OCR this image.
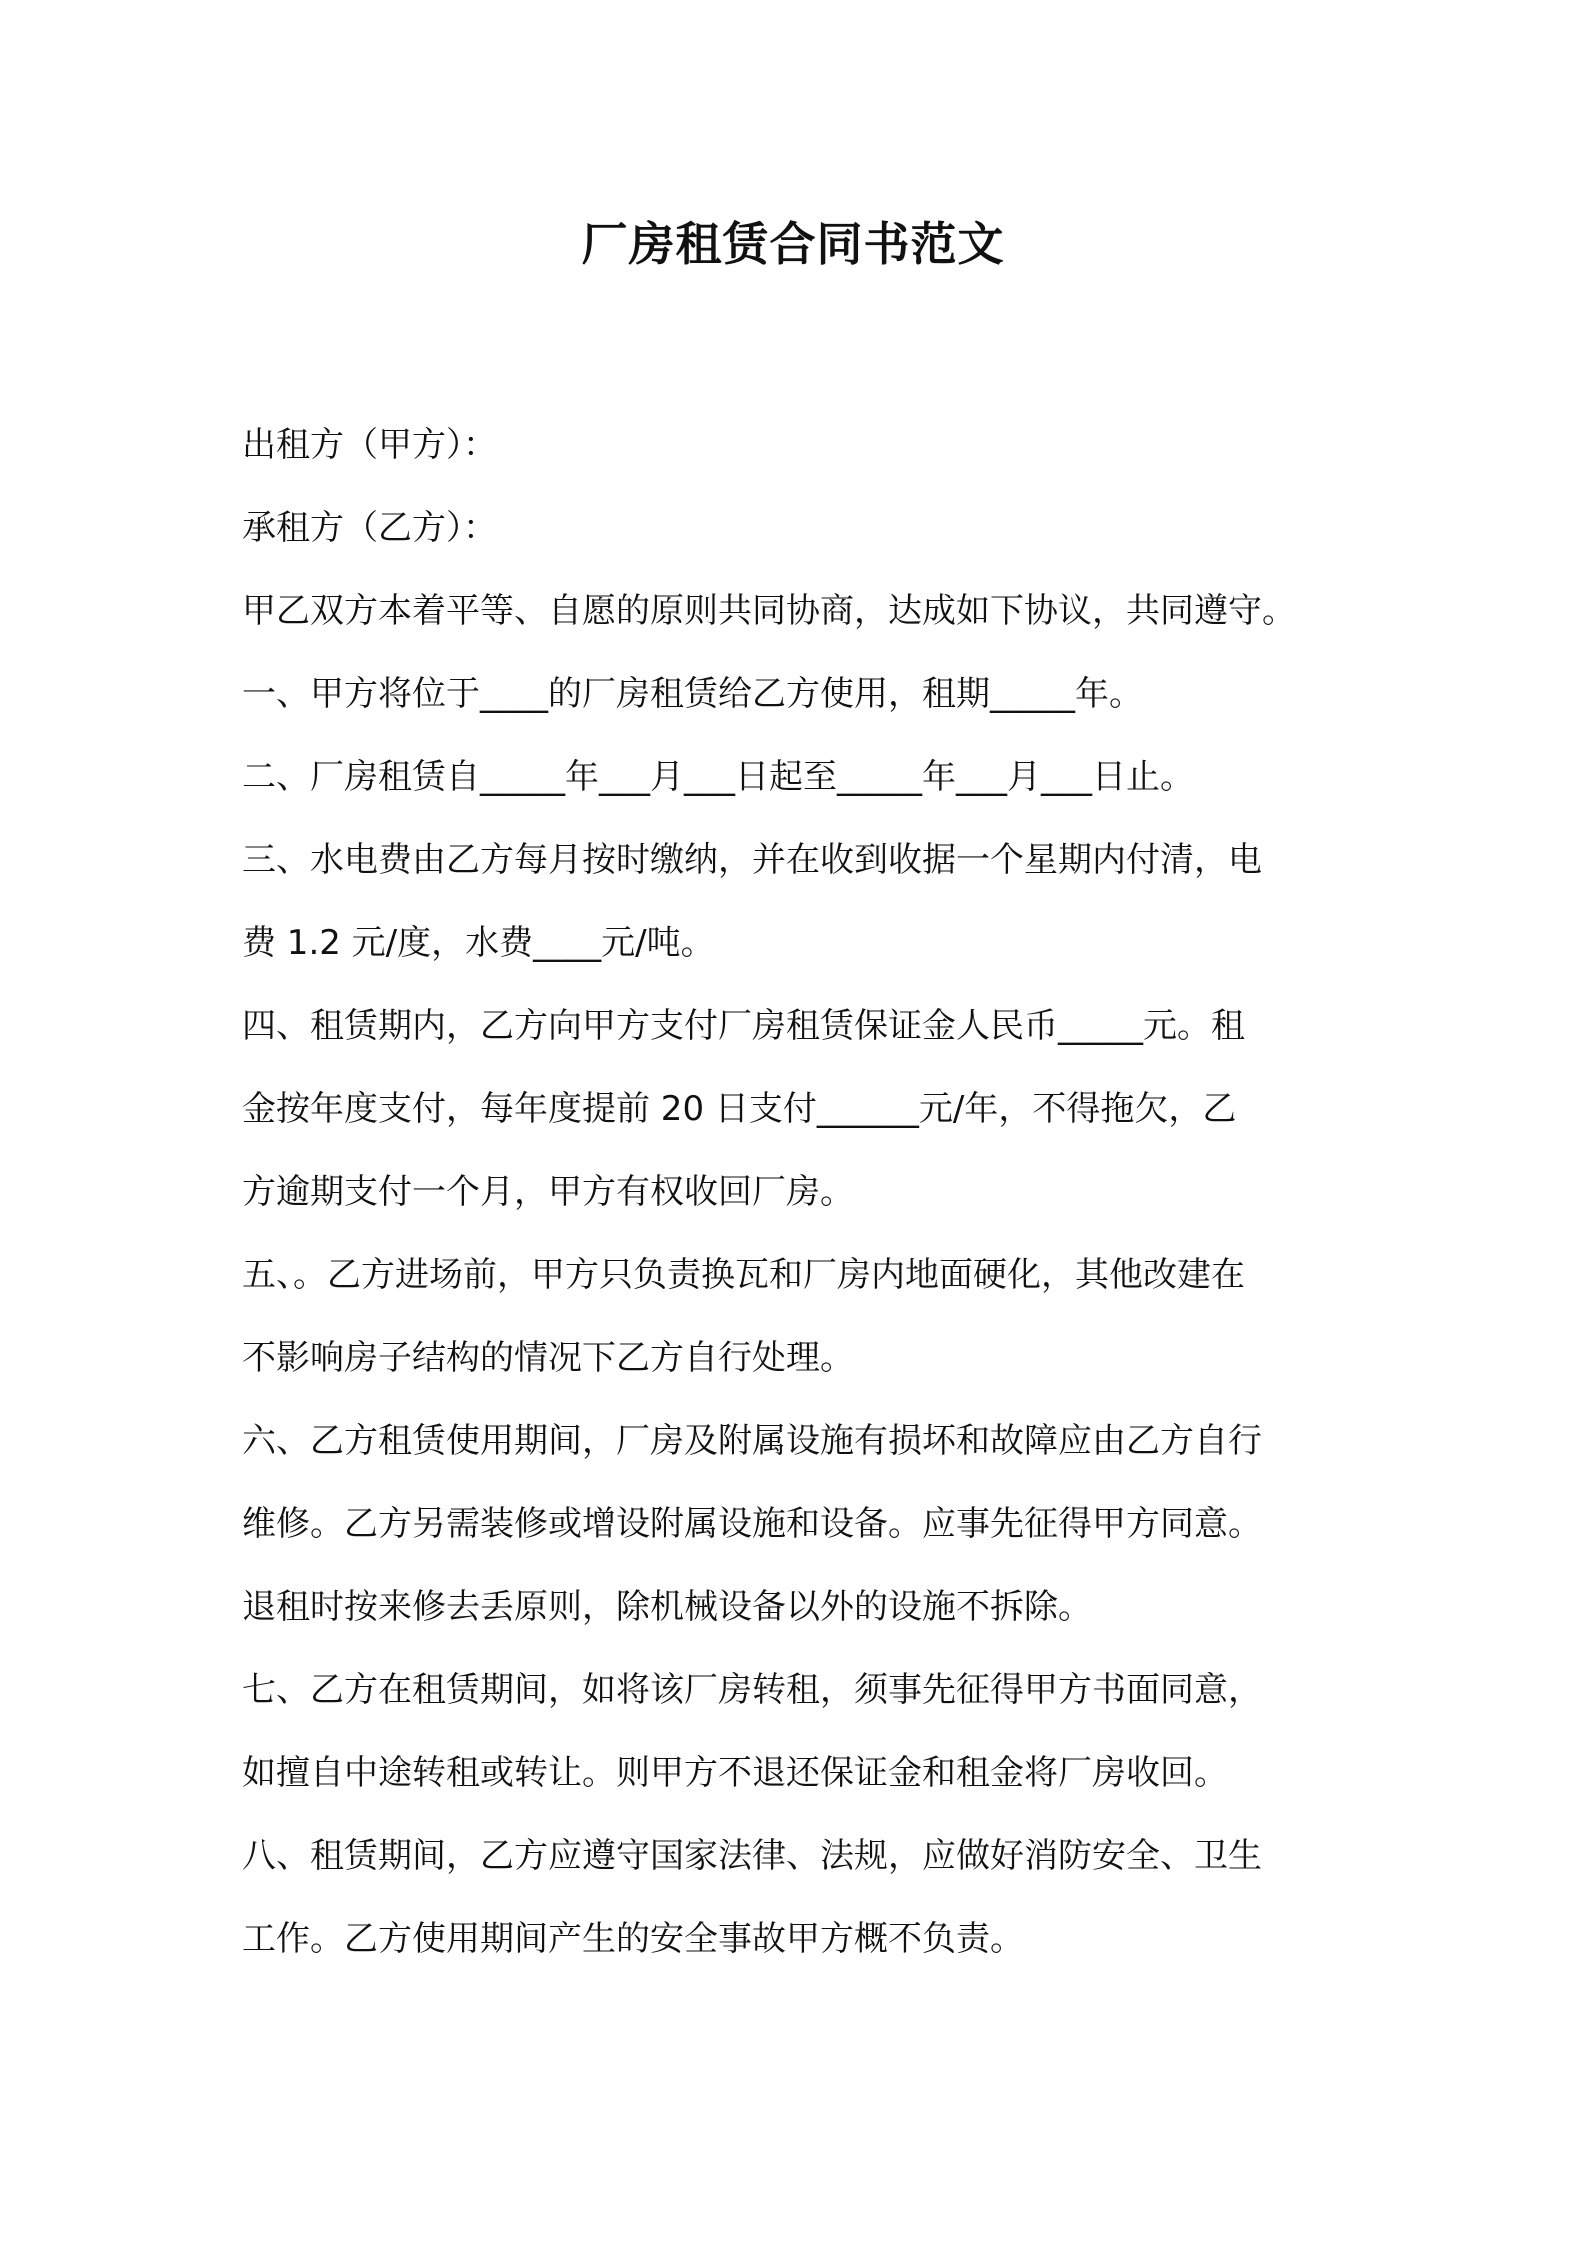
厂房租赁合同书范文
出租方（甲方）：
承租方（乙方）：
甲乙双方本着平等、自愿的原则共同协商，达成如下协议，共同遵守。
一、甲方将位于____的厂房租赁给乙方使用，租期_____年。
二、厂房租赁自_____年___月___日起至_____年___月___日止。
三、水电费由乙方每月按时缴纳，并在收到收据一个星期内付清，电
费 1.2 元/度，水费____元/吨。
四、租赁期内，乙方向甲方支付厂房租赁保证金人民币_____元。租
金按年度支付，每年度提前 20 日支付______元/年，不得拖欠，乙
方逾期支付一个月，甲方有权收回厂房。
五、。乙方进场前，甲方只负责换瓦和厂房内地面硬化，其他改建在
不影响房子结构的情况下乙方自行处理。
六、乙方租赁使用期间，厂房及附属设施有损坏和故障应由乙方自行
维修。乙方另需装修或增设附属设施和设备。应事先征得甲方同意。
退租时按来修去丢原则，除机械设备以外的设施不拆除。
七、乙方在租赁期间，如将该厂房转租，须事先征得甲方书面同意，
如擅自中途转租或转让。则甲方不退还保证金和租金将厂房收回。
八、租赁期间，乙方应遵守国家法律、法规，应做好消防安全、卫生
工作。乙方使用期间产生的安全事故甲方概不负责。
